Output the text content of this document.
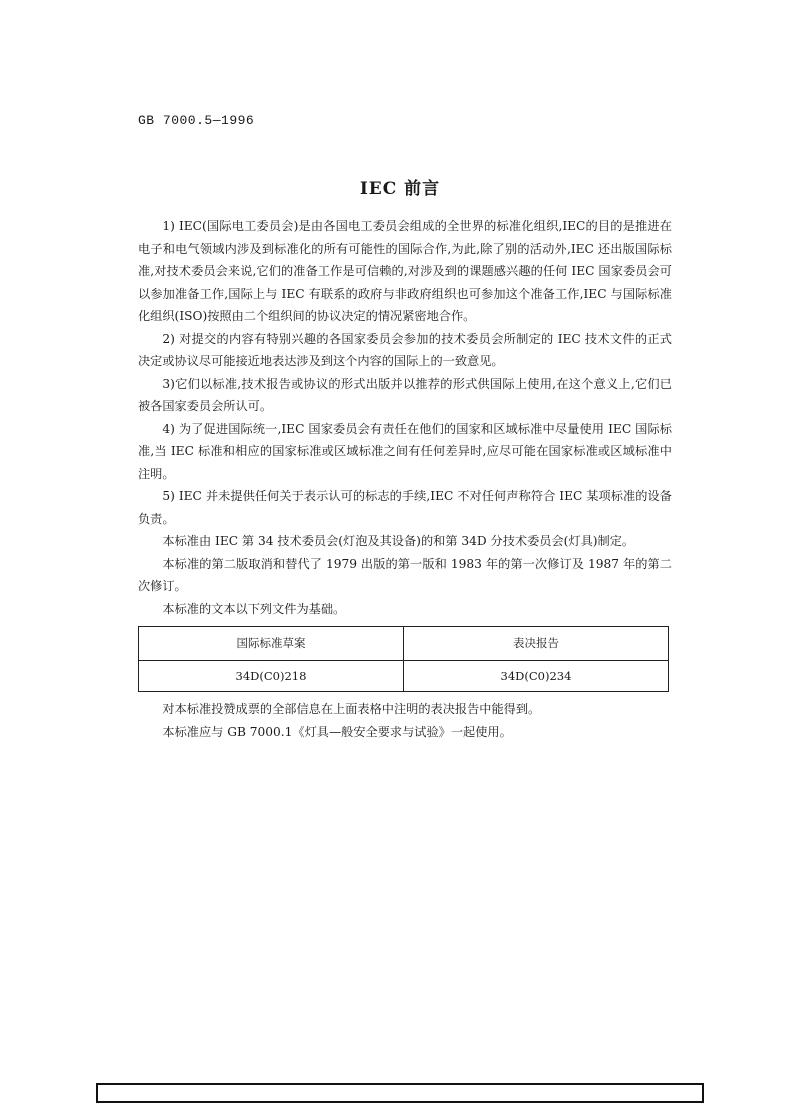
GB 7000.5—1996
IEC 前言

1) IEC(国际电工委员会)是由各国电工委员会组成的全世界的标准化组织,IEC的目的是推进在电子和电气领域内涉及到标准化的所有可能性的国际合作,为此,除了别的活动外,IEC 还出版国际标准,对技术委员会来说,它们的准备工作是可信赖的,对涉及到的课题感兴趣的任何 IEC 国家委员会可以参加准备工作,国际上与 IEC 有联系的政府与非政府组织也可参加这个准备工作,IEC 与国际标准化组织(ISO)按照由二个组织间的协议决定的情况紧密地合作。

2) 对提交的内容有特别兴趣的各国家委员会参加的技术委员会所制定的 IEC 技术文件的正式决定或协议尽可能接近地表达涉及到这个内容的国际上的一致意见。

3)它们以标准,技术报告或协议的形式出版并以推荐的形式供国际上使用,在这个意义上,它们已被各国家委员会所认可。

4) 为了促进国际统一,IEC 国家委员会有责任在他们的国家和区域标准中尽量使用 IEC 国际标准,当 IEC 标准和相应的国家标准或区域标准之间有任何差异时,应尽可能在国家标准或区域标准中注明。

5) IEC 并未提供任何关于表示认可的标志的手续,IEC 不对任何声称符合 IEC 某项标准的设备负责。

本标准由 IEC 第 34 技术委员会(灯泡及其设备)的和第 34D 分技术委员会(灯具)制定。

本标准的第二版取消和替代了 1979 出版的第一版和 1983 年的第一次修订及 1987 年的第二次修订。

本标准的文本以下列文件为基础。

国际标准草案	表决报告
34D(C0)218	34D(C0)234

对本标准投赞成票的全部信息在上面表格中注明的表决报告中能得到。

本标准应与 GB 7000.1《灯具—般安全要求与试验》一起使用。
